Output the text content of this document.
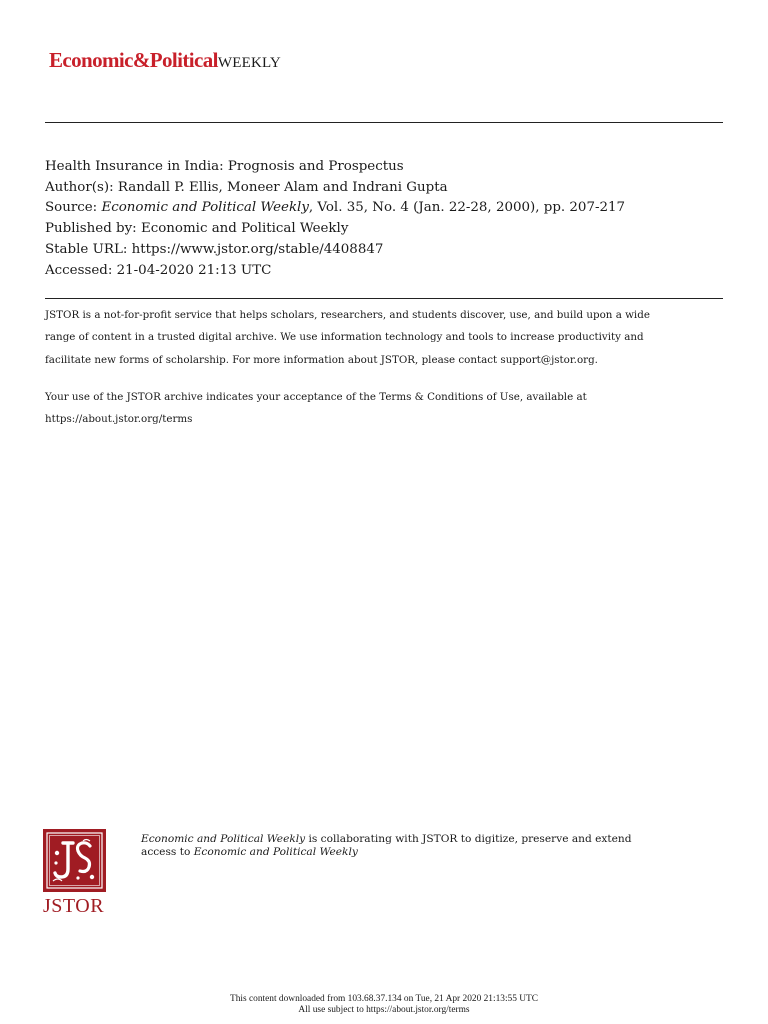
Economic&PoliticalWEEKLY
Health Insurance in India: Prognosis and Prospectus
Author(s): Randall P. Ellis, Moneer Alam and Indrani Gupta
Source: Economic and Political Weekly, Vol. 35, No. 4 (Jan. 22-28, 2000), pp. 207-217
Published by: Economic and Political Weekly
Stable URL: https://www.jstor.org/stable/4408847
Accessed: 21-04-2020 21:13 UTC
JSTOR is a not-for-profit service that helps scholars, researchers, and students discover, use, and build upon a wide
range of content in a trusted digital archive. We use information technology and tools to increase productivity and
facilitate new forms of scholarship. For more information about JSTOR, please contact support@jstor.org.
Your use of the JSTOR archive indicates your acceptance of the Terms & Conditions of Use, available at
https://about.jstor.org/terms
JSTOR
Economic and Political Weekly is collaborating with JSTOR to digitize, preserve and extend
access to Economic and Political Weekly
This content downloaded from 103.68.37.134 on Tue, 21 Apr 2020 21:13:55 UTC
All use subject to https://about.jstor.org/terms
